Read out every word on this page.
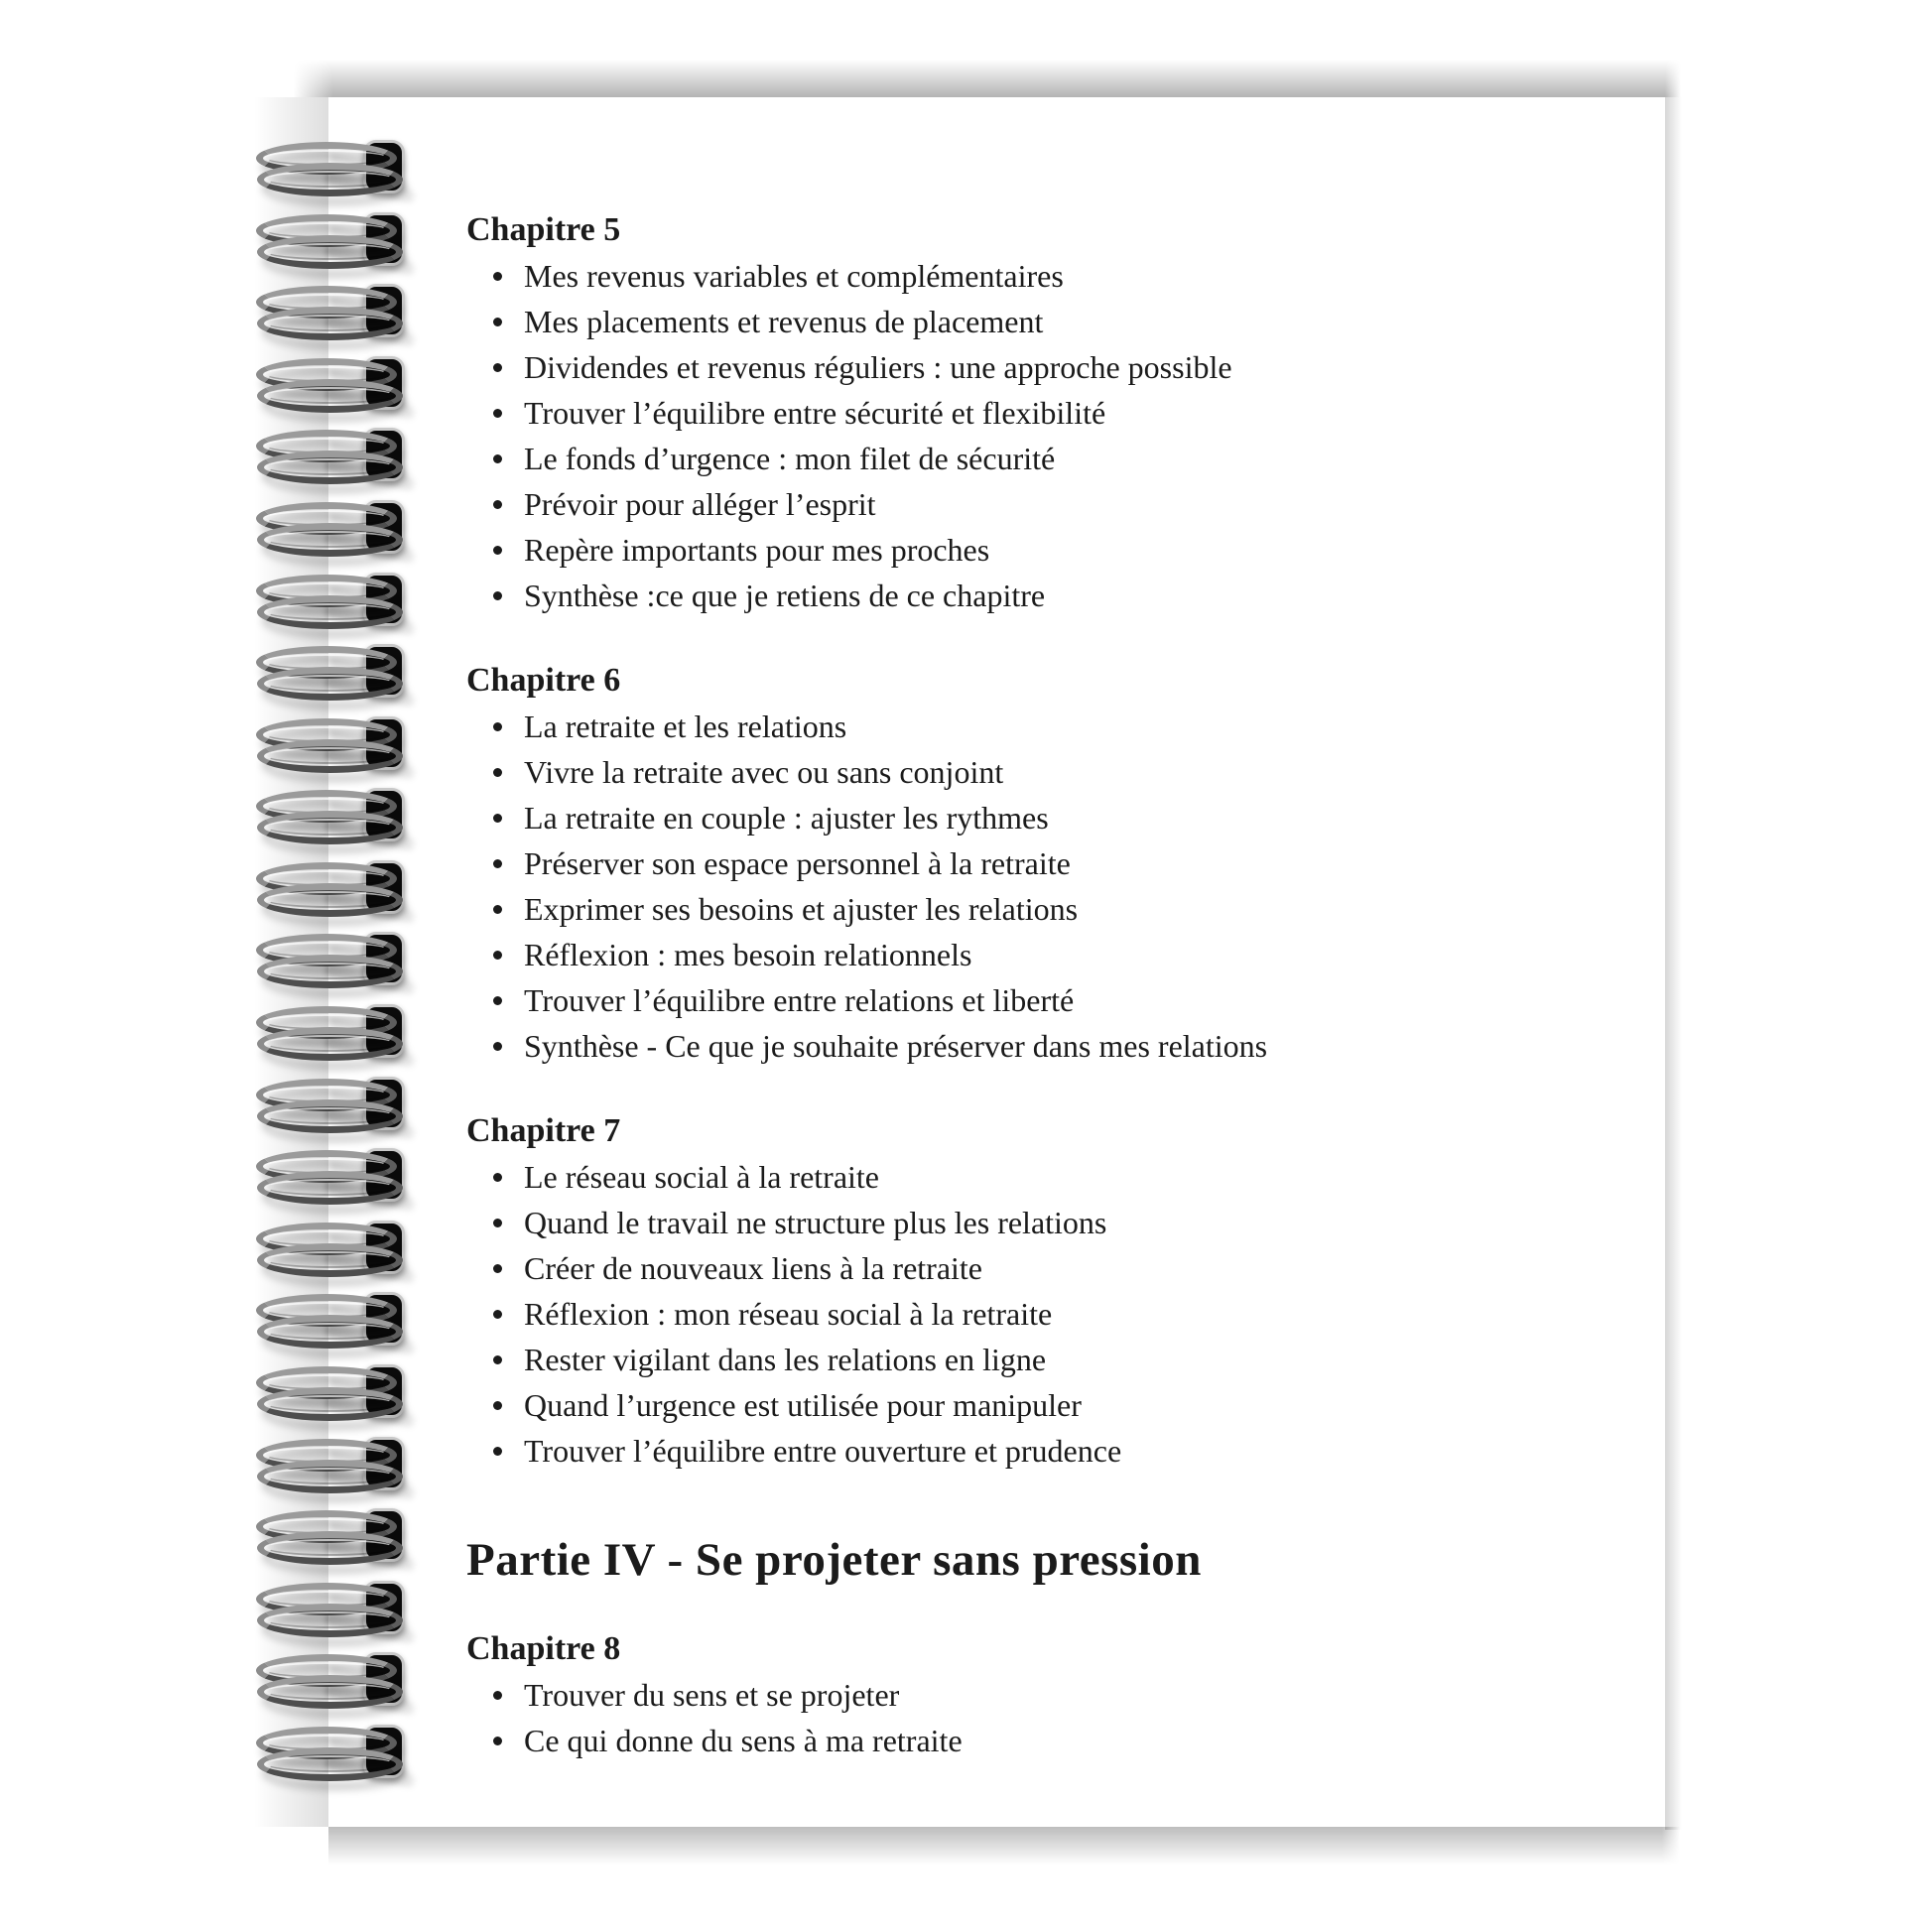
Chapitre 5
Mes revenus variables et complémentaires
Mes placements et revenus de placement
Dividendes et revenus réguliers : une approche possible
Trouver l’équilibre entre sécurité et flexibilité
Le fonds d’urgence : mon filet de sécurité
Prévoir pour alléger l’esprit
Repère importants pour mes proches
Synthèse :ce que je retiens de ce chapitre
Chapitre 6
La retraite et les relations
Vivre la retraite avec ou sans conjoint
La retraite en couple : ajuster les rythmes
Préserver son espace personnel à la retraite
Exprimer ses besoins et ajuster les relations
Réflexion : mes besoin relationnels
Trouver l’équilibre entre relations et liberté
Synthèse - Ce que je souhaite préserver dans mes relations
Chapitre 7
Le réseau social à la retraite
Quand le travail ne structure plus les relations
Créer de nouveaux liens à la retraite
Réflexion : mon réseau social à la retraite
Rester vigilant dans les relations en ligne
Quand l’urgence est utilisée pour manipuler
Trouver l’équilibre entre ouverture et prudence
Partie IV - Se projeter sans pression
Chapitre 8
Trouver du sens et se projeter
Ce qui donne du sens à ma retraite
